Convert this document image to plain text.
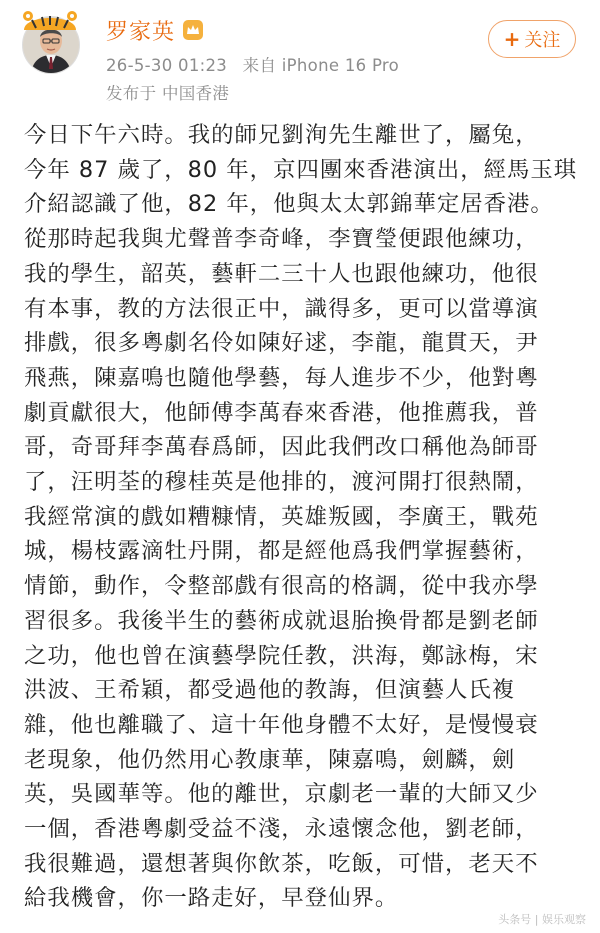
罗家英
26-5-30 01:23 来自 iPhone 16 Pro
发布于 中国香港
+ 关注
今日下午六時。我的師兄劉洵先生離世了，屬兔，
今年 87 歲了，80 年，京四團來香港演出，經馬玉琪
介紹認識了他，82 年，他與太太郭錦華定居香港。
從那時起我與尤聲普李奇峰，李寶瑩便跟他練功，
我的學生，韶英，藝軒二三十人也跟他練功，他很
有本事，教的方法很正中，識得多，更可以當導演
排戲，很多粵劇名伶如陳好逑，李龍，龍貫天，尹
飛燕，陳嘉鳴也隨他學藝，每人進步不少，他對粵
劇貢獻很大，他師傅李萬春來香港，他推薦我，普
哥，奇哥拜李萬春爲師，因此我們改口稱他為師哥
了，汪明荃的穆桂英是他排的，渡河開打很熱鬧，
我經常演的戲如糟糠情，英雄叛國，李廣王，戰苑
城，楊枝露滴牡丹開，都是經他爲我們掌握藝術，
情節，動作，令整部戲有很高的格調，從中我亦學
習很多。我後半生的藝術成就退胎換骨都是劉老師
之功，他也曾在演藝學院任教，洪海，鄭詠梅，宋
洪波、王希穎，都受過他的教誨，但演藝人氏複
雜，他也離職了、這十年他身體不太好，是慢慢衰
老現象，他仍然用心教康華，陳嘉鳴，劍麟，劍
英，吳國華等。他的離世，京劇老一輩的大師又少
一個，香港粵劇受益不淺，永遠懷念他，劉老師，
我很難過，還想著與你飲茶，吃飯，可惜，老天不
給我機會，你一路走好，早登仙界。
头条号 | 娱乐观察
